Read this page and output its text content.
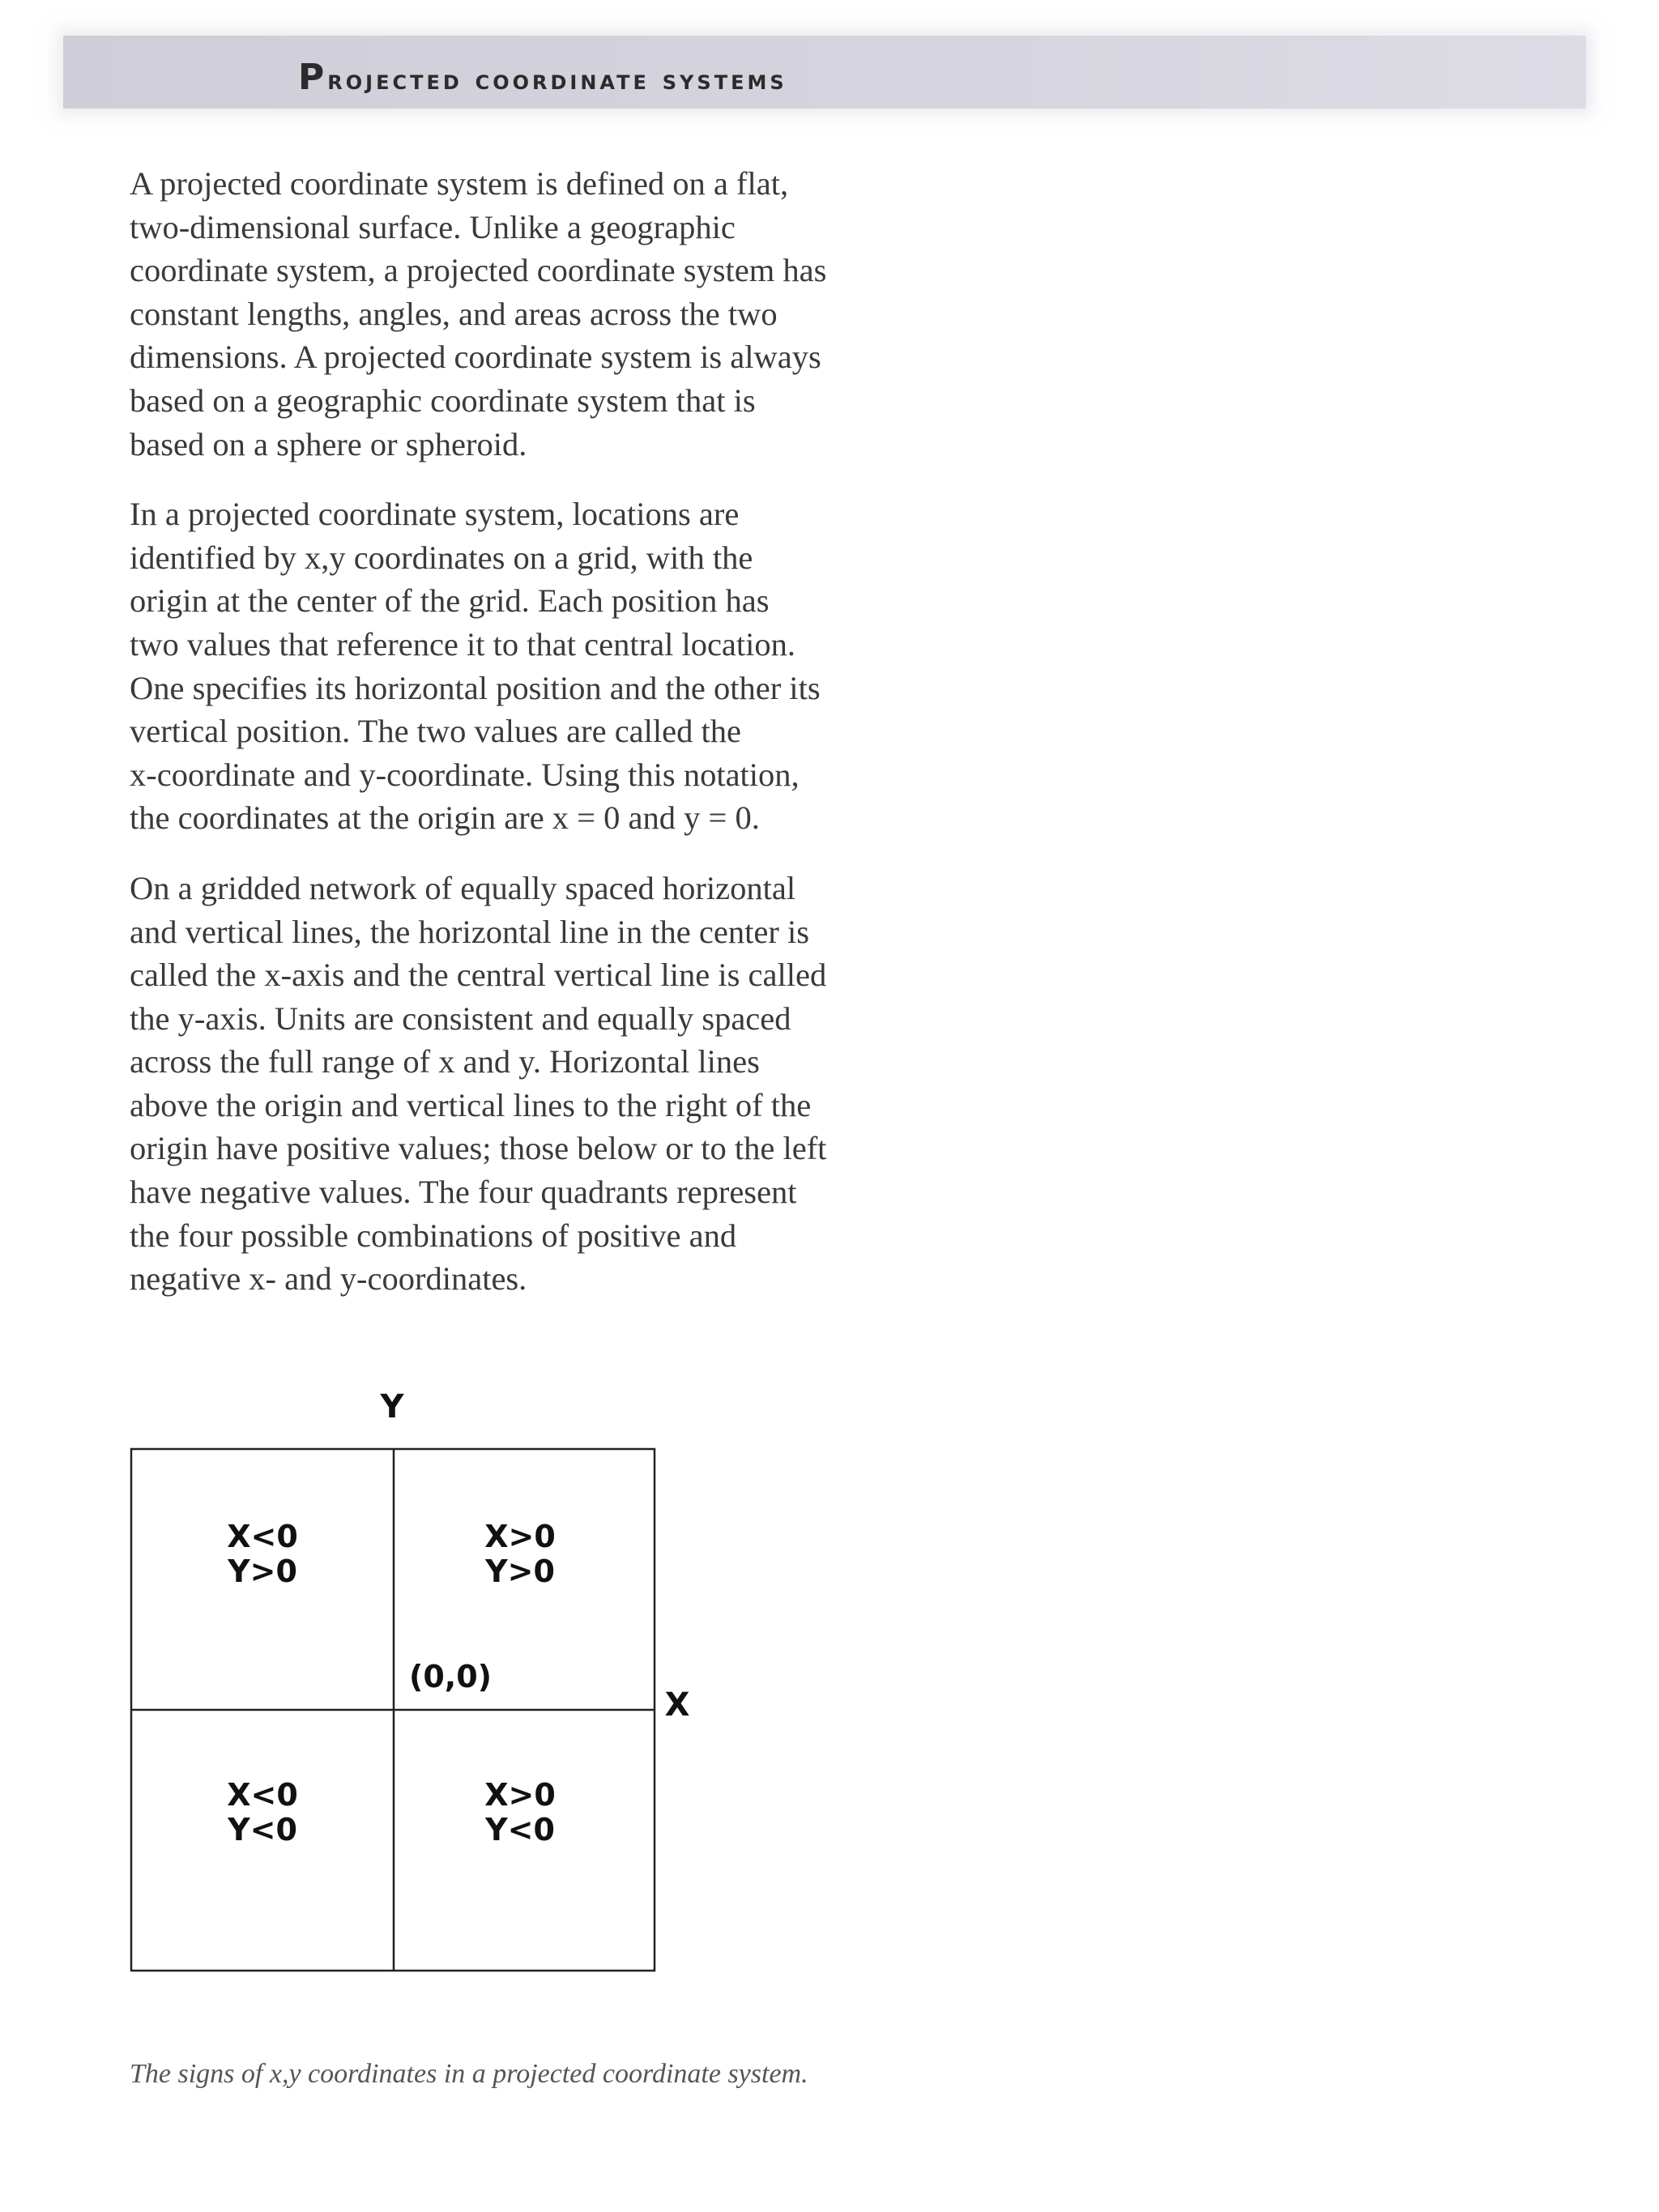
Projected coordinate systems

A projected coordinate system is defined on a flat,
two-dimensional surface. Unlike a geographic
coordinate system, a projected coordinate system has
constant lengths, angles, and areas across the two
dimensions. A projected coordinate system is always
based on a geographic coordinate system that is
based on a sphere or spheroid.

In a projected coordinate system, locations are
identified by x,y coordinates on a grid, with the
origin at the center of the grid. Each position has
two values that reference it to that central location.
One specifies its horizontal position and the other its
vertical position. The two values are called the
x-coordinate and y-coordinate. Using this notation,
the coordinates at the origin are x = 0 and y = 0.

On a gridded network of equally spaced horizontal
and vertical lines, the horizontal line in the center is
called the x-axis and the central vertical line is called
the y-axis. Units are consistent and equally spaced
across the full range of x and y. Horizontal lines
above the origin and vertical lines to the right of the
origin have positive values; those below or to the left
have negative values. The four quadrants represent
the four possible combinations of positive and
negative x- and y-coordinates.

Y
X
(0,0)
X<0
Y>0
X>0
Y>0
X<0
Y<0
X>0
Y<0

The signs of x,y coordinates in a projected coordinate system.
